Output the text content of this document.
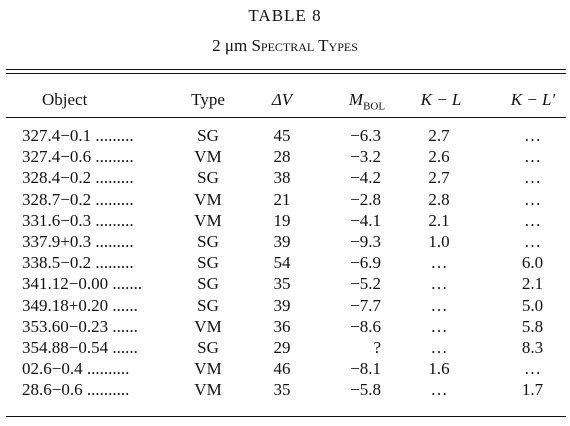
TABLE 8
2 μm Spectral Types
Object	Type	ΔV	$M_{BOL}$	K − L	K − L′
327.4−0.1 .........	SG	45	−6.3	2.7	…
327.4−0.6 .........	VM	28	−3.2	2.6	…
328.4−0.2 .........	SG	38	−4.2	2.7	…
328.7−0.2 .........	VM	21	−2.8	2.8	…
331.6−0.3 .........	VM	19	−4.1	2.1	…
337.9+0.3 .........	SG	39	−9.3	1.0	…
338.5−0.2 .........	SG	54	−6.9	…	6.0
341.12−0.00 .......	SG	35	−5.2	…	2.1
349.18+0.20 ......	SG	39	−7.7	…	5.0
353.60−0.23 ......	VM	36	−8.6	…	5.8
354.88−0.54 ......	SG	29	?	…	8.3
02.6−0.4 ..........	VM	46	−8.1	1.6	…
28.6−0.6 ..........	VM	35	−5.8	…	1.7
